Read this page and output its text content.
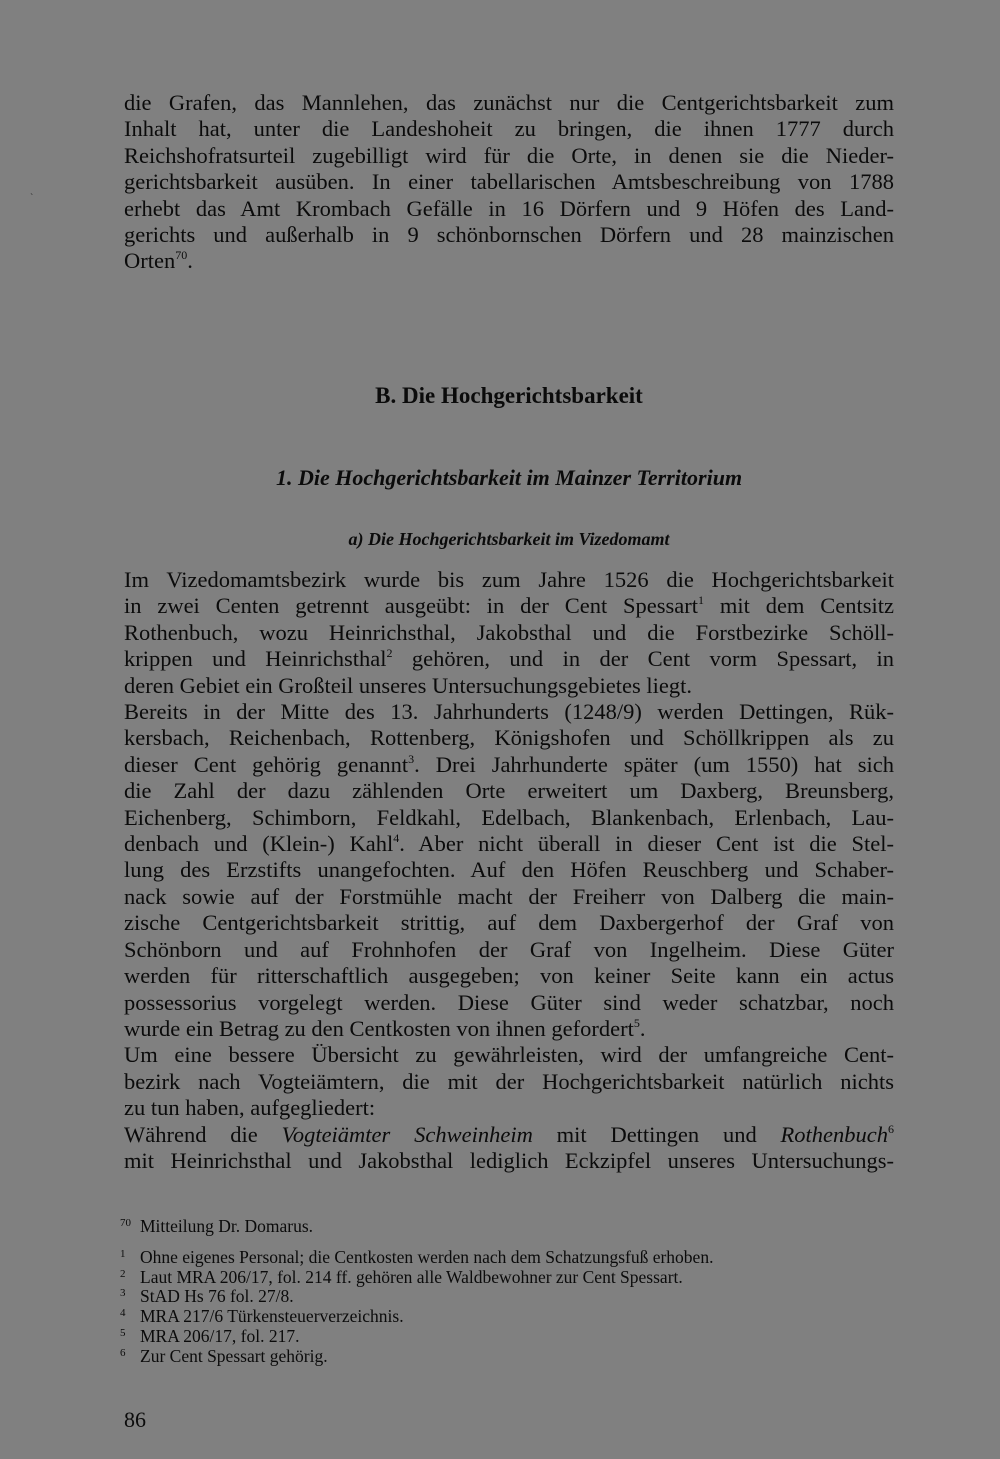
`
die Grafen, das Mannlehen, das zunächst nur die Centgerichtsbarkeit zum
Inhalt hat, unter die Landeshoheit zu bringen, die ihnen 1777 durch
Reichshofratsurteil zugebilligt wird für die Orte, in denen sie die Nieder-
gerichtsbarkeit ausüben. In einer tabellarischen Amtsbeschreibung von 1788
erhebt das Amt Krombach Gefälle in 16 Dörfern und 9 Höfen des Land-
gerichts und außerhalb in 9 schönbornschen Dörfern und 28 mainzischen
Orten$^{70}$.
B. Die Hochgerichtsbarkeit
1. Die Hochgerichtsbarkeit im Mainzer Territorium
a) Die Hochgerichtsbarkeit im Vizedomamt
Im Vizedomamtsbezirk wurde bis zum Jahre 1526 die Hochgerichtsbarkeit
in zwei Centen getrennt ausgeübt: in der Cent Spessart$^1$ mit dem Centsitz
Rothenbuch, wozu Heinrichsthal, Jakobsthal und die Forstbezirke Schöll-
krippen und Heinrichsthal$^2$ gehören, und in der Cent vorm Spessart, in
deren Gebiet ein Großteil unseres Untersuchungsgebietes liegt.
Bereits in der Mitte des 13. Jahrhunderts (1248/9) werden Dettingen, Rük-
kersbach, Reichenbach, Rottenberg, Königshofen und Schöllkrippen als zu
dieser Cent gehörig genannt$^3$. Drei Jahrhunderte später (um 1550) hat sich
die Zahl der dazu zählenden Orte erweitert um Daxberg, Breunsberg,
Eichenberg, Schimborn, Feldkahl, Edelbach, Blankenbach, Erlenbach, Lau-
denbach und (Klein-) Kahl$^4$. Aber nicht überall in dieser Cent ist die Stel-
lung des Erzstifts unangefochten. Auf den Höfen Reuschberg und Schaber-
nack sowie auf der Forstmühle macht der Freiherr von Dalberg die main-
zische Centgerichtsbarkeit strittig, auf dem Daxbergerhof der Graf von
Schönborn und auf Frohnhofen der Graf von Ingelheim. Diese Güter
werden für ritterschaftlich ausgegeben; von keiner Seite kann ein actus
possessorius vorgelegt werden. Diese Güter sind weder schatzbar, noch
wurde ein Betrag zu den Centkosten von ihnen gefordert$^5$.
Um eine bessere Übersicht zu gewährleisten, wird der umfangreiche Cent-
bezirk nach Vogteiämtern, die mit der Hochgerichtsbarkeit natürlich nichts
zu tun haben, aufgegliedert:
Während die Vogteiämter Schweinheim mit Dettingen und Rothenbuch$^6$
mit Heinrichsthal und Jakobsthal lediglich Eckzipfel unseres Untersuchungs-
70 Mitteilung Dr. Domarus.
1 Ohne eigenes Personal; die Centkosten werden nach dem Schatzungsfuß erhoben.
2 Laut MRA 206/17, fol. 214 ff. gehören alle Waldbewohner zur Cent Spessart.
3 StAD Hs 76 fol. 27/8.
4 MRA 217/6 Türkensteuerverzeichnis.
5 MRA 206/17, fol. 217.
6 Zur Cent Spessart gehörig.

86
